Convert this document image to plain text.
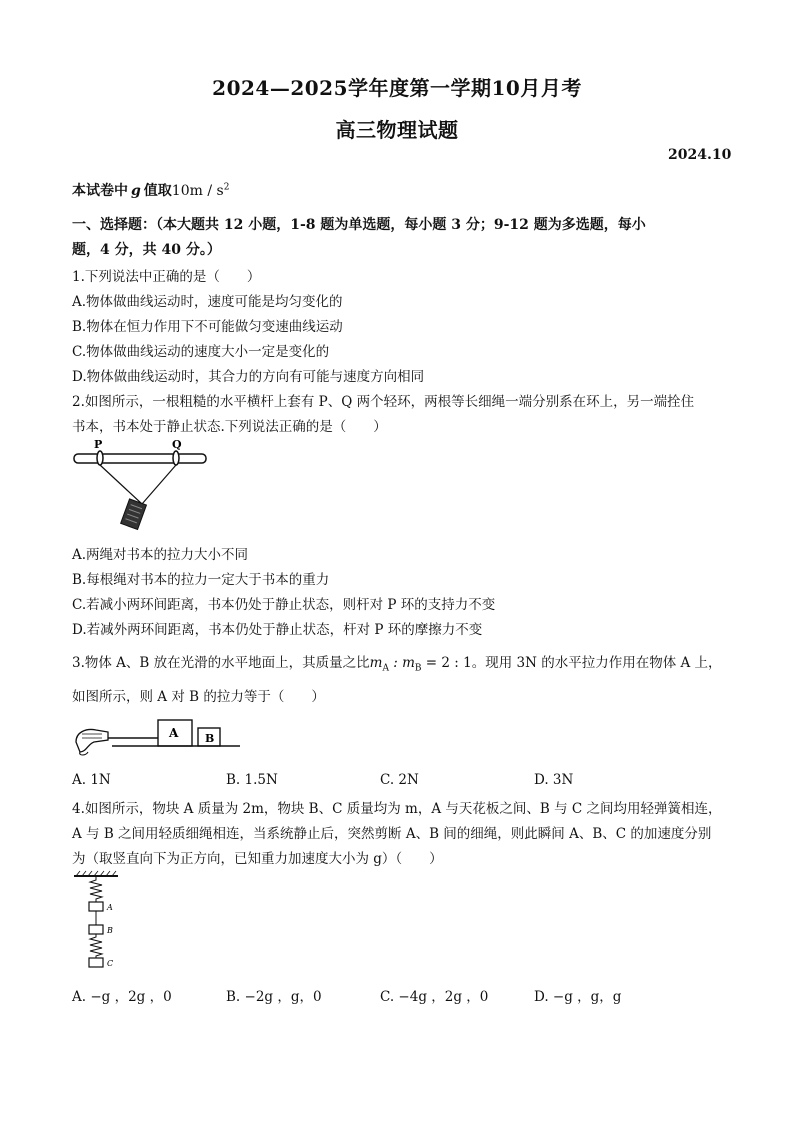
2024—2025学年度第一学期10月月考
高三物理试题
2024.10
本试卷中 g 值取$10m / s^2$
一、选择题：（本大题共 12 小题，1-8 题为单选题，每小题 3 分；9-12 题为多选题，每小
题，4 分，共 40 分。）
1.下列说法中正确的是（　　）
A.物体做曲线运动时，速度可能是均匀变化的
B.物体在恒力作用下不可能做匀变速曲线运动
C.物体做曲线运动的速度大小一定是变化的
D.物体做曲线运动时，其合力的方向有可能与速度方向相同
2.如图所示，一根粗糙的水平横杆上套有 P、Q 两个轻环，两根等长细绳一端分别系在环上，另一端拴住
书本，书本处于静止状态.下列说法正确的是（　　）
P	Q
A.两绳对书本的拉力大小不同
B.每根绳对书本的拉力一定大于书本的重力
C.若减小两环间距离，书本仍处于静止状态，则杆对 P 环的支持力不变
D.若减外两环间距离，书本仍处于静止状态，杆对 P 环的摩擦力不变
3.物体 A、B 放在光滑的水平地面上，其质量之比$m_A$ : $m_B = 2$ : 1。现用 3N 的水平拉力作用在物体 A 上，
如图所示，则 A 对 B 的拉力等于（　　）
A B
A. 1N	B. 1.5N	C. 2N	D. 3N
4.如图所示，物块 A 质量为 2m，物块 B、C 质量均为 m，A 与天花板之间、B 与 C 之间均用轻弹簧相连，
A 与 B 之间用轻质细绳相连，当系统静止后，突然剪断 A、B 间的细绳，则此瞬间 A、B、C 的加速度分别
为（取竖直向下为正方向，已知重力加速度大小为 g）（　　）
A
B
C
A. −g ，2g ，0	B. −2g ，g，0	C. −4g ，2g ，0	D. −g ，g，g
